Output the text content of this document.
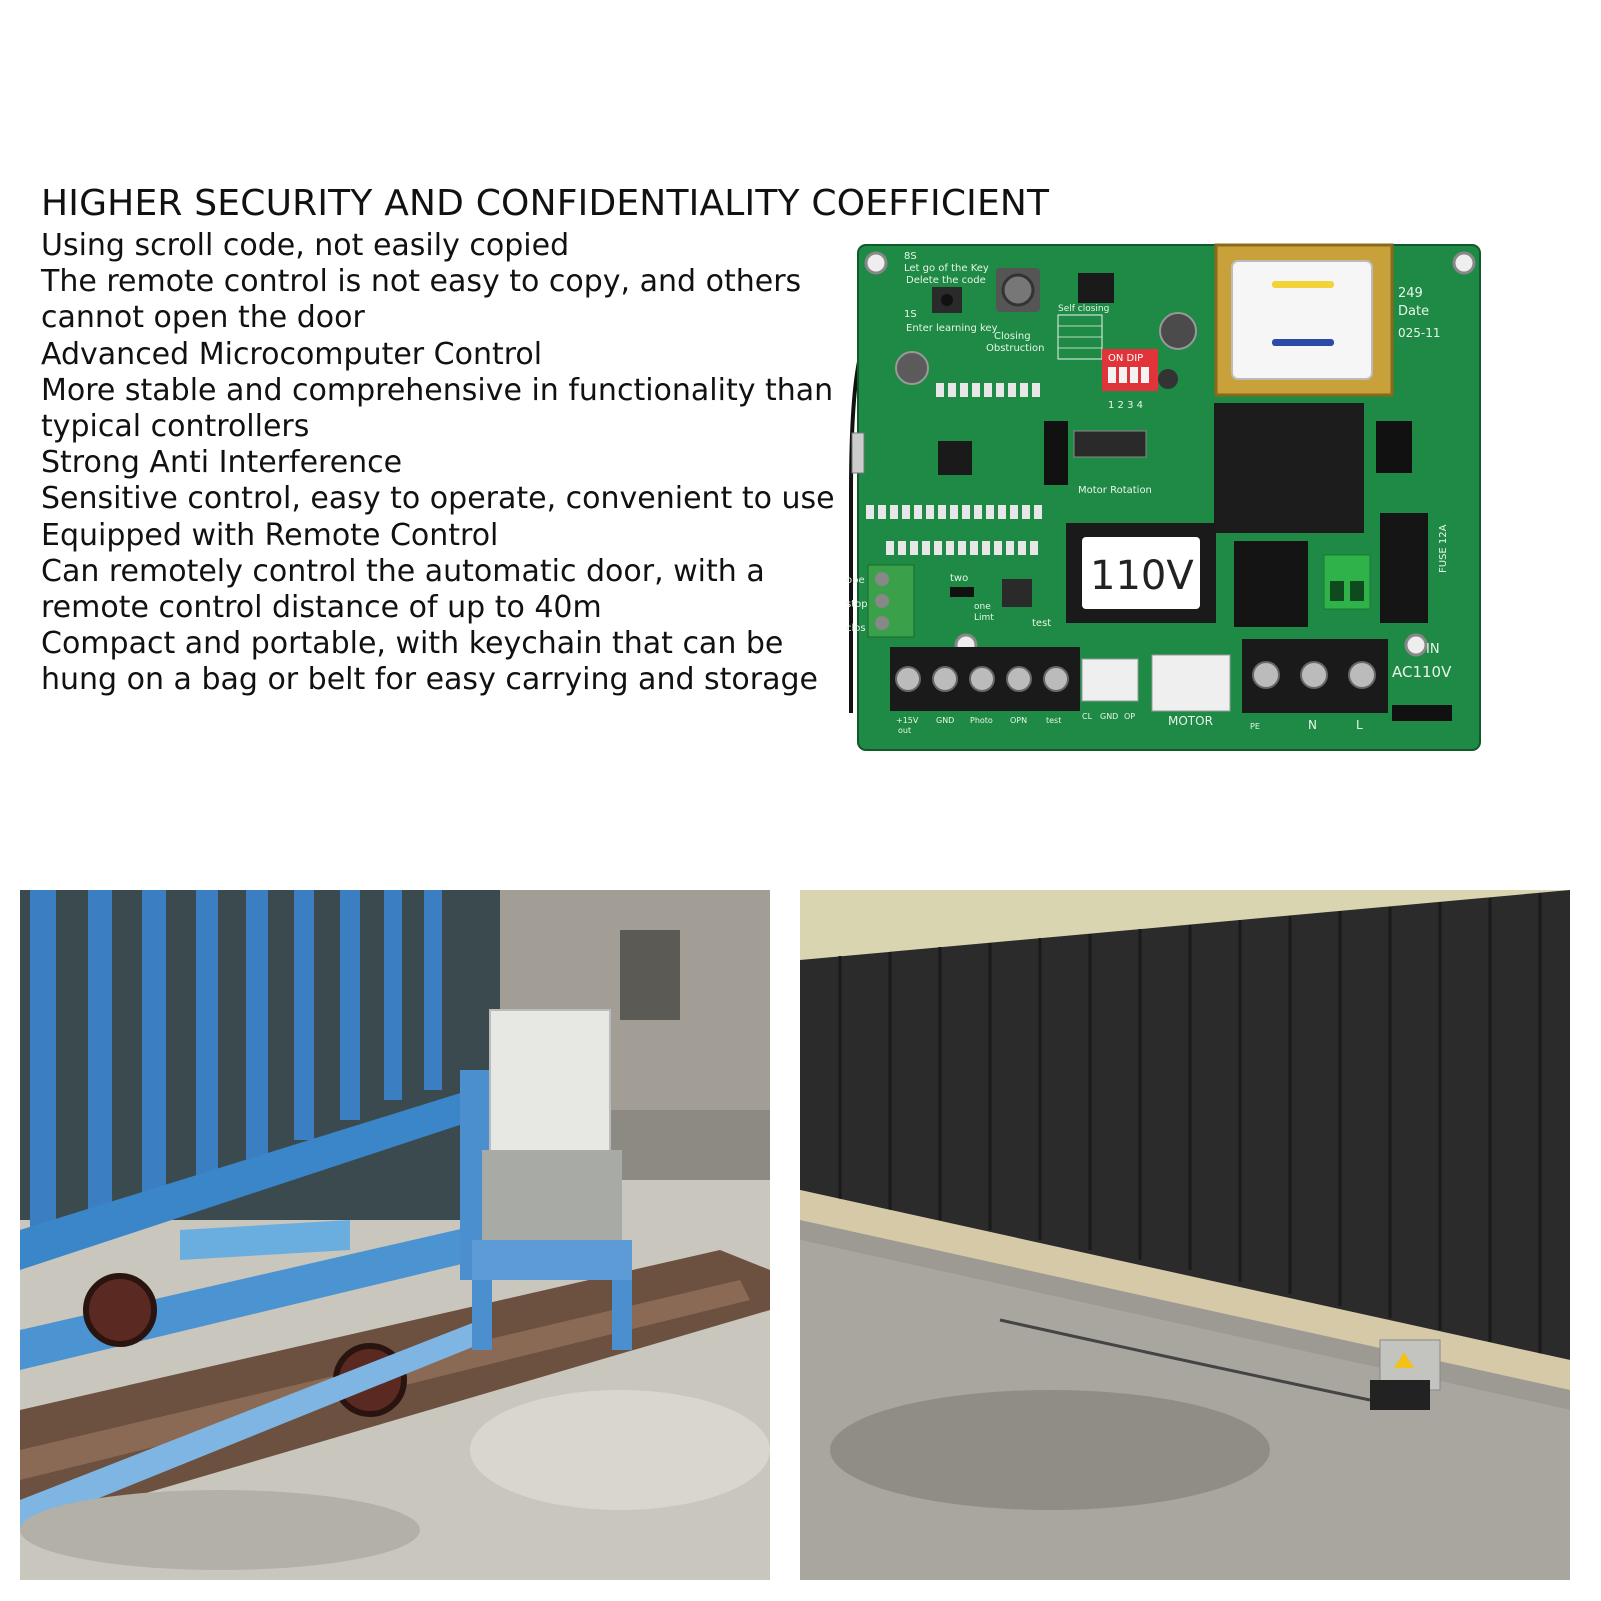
HIGHER SECURITY AND CONFIDENTIALITY COEFFICIENT

Using scroll code, not easily copied

The remote control is not easy to copy, and others

cannot open the door

Advanced Microcomputer Control

More stable and comprehensive in functionality than

typical controllers

Strong Anti Interference

Sensitive control, easy to operate, convenient to use

Equipped with Remote Control

Can remotely control the automatic door, with a

remote control distance of up to 40m

Compact and portable, with keychain that can be

hung on a bag or belt for easy carrying and storage

8S
Let go of the Key
Delete the code
1S
Enter learning key
Closing
Obstruction
Self closing
ON DIP
1 2 3 4
249
Date
025-11
Motor Rotation
FUSE 12A
110V
ope
stop
clos
two
one
Limt	test
+15V
out
GND Photo OPN test	CL GND OP	MOTOR	PE	N	L
IN
AC110V
